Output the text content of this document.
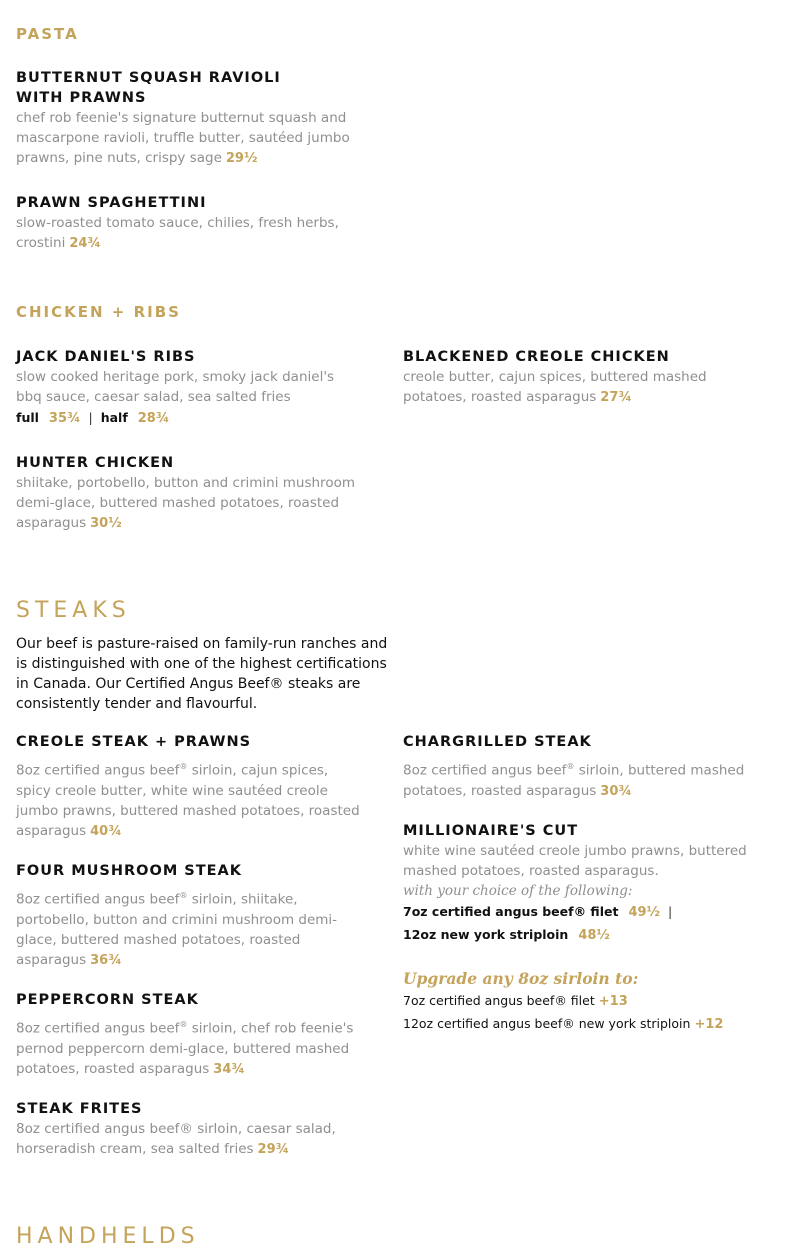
PASTA
BUTTERNUT SQUASH RAVIOLI
WITH PRAWNS
chef rob feenie's signature butternut squash and mascarpone ravioli, truffle butter, sautéed jumbo prawns, pine nuts, crispy sage 29½
PRAWN SPAGHETTINI
slow-roasted tomato sauce, chilies, fresh herbs, crostini 24¾
CHICKEN + RIBS
JACK DANIEL'S RIBS
slow cooked heritage pork, smoky jack daniel's bbq sauce, caesar salad, sea salted fries
full 35¾ | half 28¾
HUNTER CHICKEN
shiitake, portobello, button and crimini mushroom demi-glace, buttered mashed potatoes, roasted asparagus 30½
BLACKENED CREOLE CHICKEN
creole butter, cajun spices, buttered mashed potatoes, roasted asparagus 27¾
STEAKS
Our beef is pasture-raised on family-run ranches and is distinguished with one of the highest certifications in Canada. Our Certified Angus Beef® steaks are consistently tender and flavourful.
CREOLE STEAK + PRAWNS
8oz certified angus beef® sirloin, cajun spices, spicy creole butter, white wine sautéed creole jumbo prawns, buttered mashed potatoes, roasted asparagus 40¾
FOUR MUSHROOM STEAK
8oz certified angus beef® sirloin, shiitake, portobello, button and crimini mushroom demi-glace, buttered mashed potatoes, roasted asparagus 36¾
PEPPERCORN STEAK
8oz certified angus beef® sirloin, chef rob feenie's pernod peppercorn demi-glace, buttered mashed potatoes, roasted asparagus 34¾
STEAK FRITES
8oz certified angus beef® sirloin, caesar salad, horseradish cream, sea salted fries 29¾
CHARGRILLED STEAK
8oz certified angus beef® sirloin, buttered mashed potatoes, roasted asparagus 30¾
MILLIONAIRE'S CUT
white wine sautéed creole jumbo prawns, buttered mashed potatoes, roasted asparagus.
with your choice of the following:
7oz certified angus beef® filet 49½ |
12oz new york striploin 48½
Upgrade any 8oz sirloin to:
7oz certified angus beef® filet +13
12oz certified angus beef® new york striploin +12
HANDHELDS
